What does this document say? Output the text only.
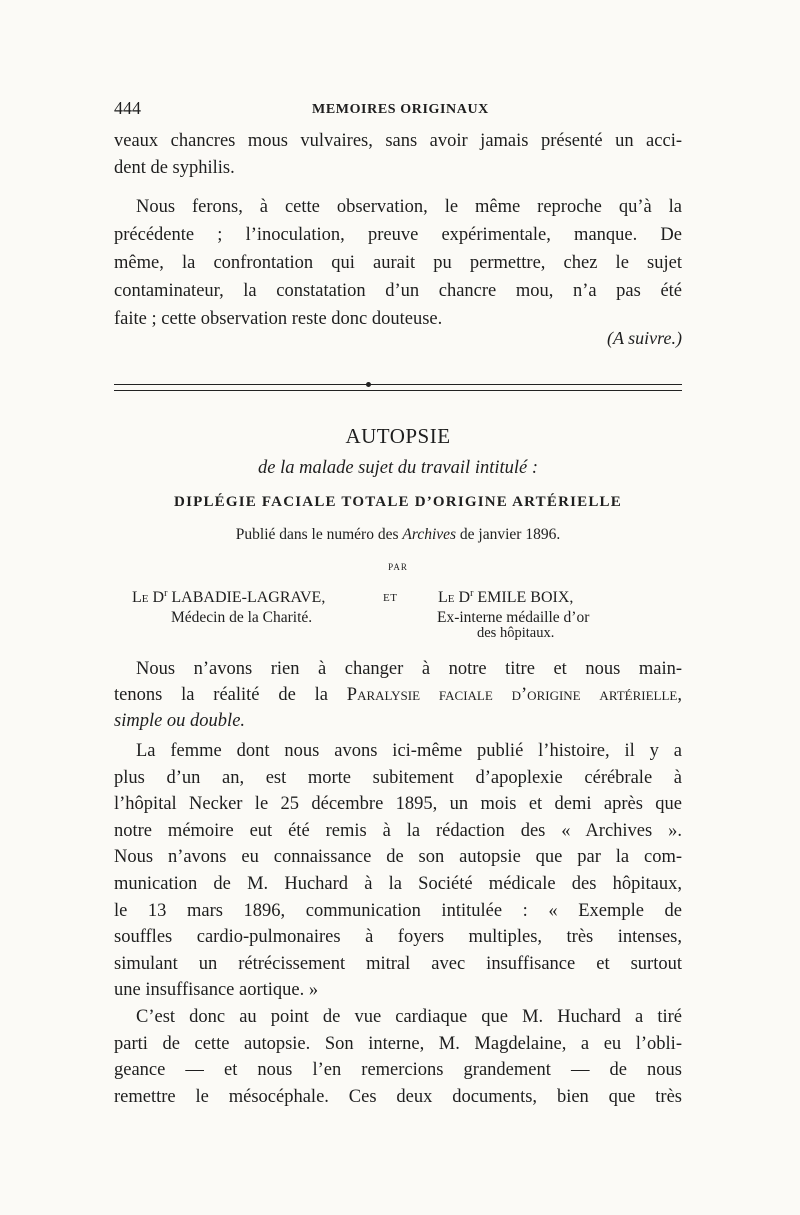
444	MEMOIRES ORIGINAUX
veaux chancres mous vulvaires, sans avoir jamais présenté un acci-
dent de syphilis.
Nous ferons, à cette observation, le même reproche qu’à la
précédente ; l’inoculation, preuve expérimentale, manque. De
même, la confrontation qui aurait pu permettre, chez le sujet
contaminateur, la constatation d’un chancre mou, n’a pas été
faite ; cette observation reste donc douteuse.
(A suivre.)
AUTOPSIE
de la malade sujet du travail intitulé :
DIPLÉGIE FACIALE TOTALE D’ORIGINE ARTÉRIELLE
Publié dans le numéro des Archives de janvier 1896.
PAR
Le $D^r$ LABADIE-LAGRAVE,
Médecin de la Charité.
ET	Le $D^r$ EMILE BOIX,
Ex-interne médaille d’or
des hôpitaux.
Nous n’avons rien à changer à notre titre et nous main-
tenons la réalité de la Paralysie faciale d’origine artérielle,
simple ou double.
La femme dont nous avons ici-même publié l’histoire, il y a
plus d’un an, est morte subitement d’apoplexie cérébrale à
l’hôpital Necker le 25 décembre 1895, un mois et demi après que
notre mémoire eut été remis à la rédaction des « Archives ».
Nous n’avons eu connaissance de son autopsie que par la com-
munication de M. Huchard à la Société médicale des hôpitaux,
le 13 mars 1896, communication intitulée : « Exemple de
souffles cardio-pulmonaires à foyers multiples, très intenses,
simulant un rétrécissement mitral avec insuffisance et surtout
une insuffisance aortique. »
C’est donc au point de vue cardiaque que M. Huchard a tiré
parti de cette autopsie. Son interne, M. Magdelaine, a eu l’obli-
geance — et nous l’en remercions grandement — de nous
remettre le mésocéphale. Ces deux documents, bien que très
